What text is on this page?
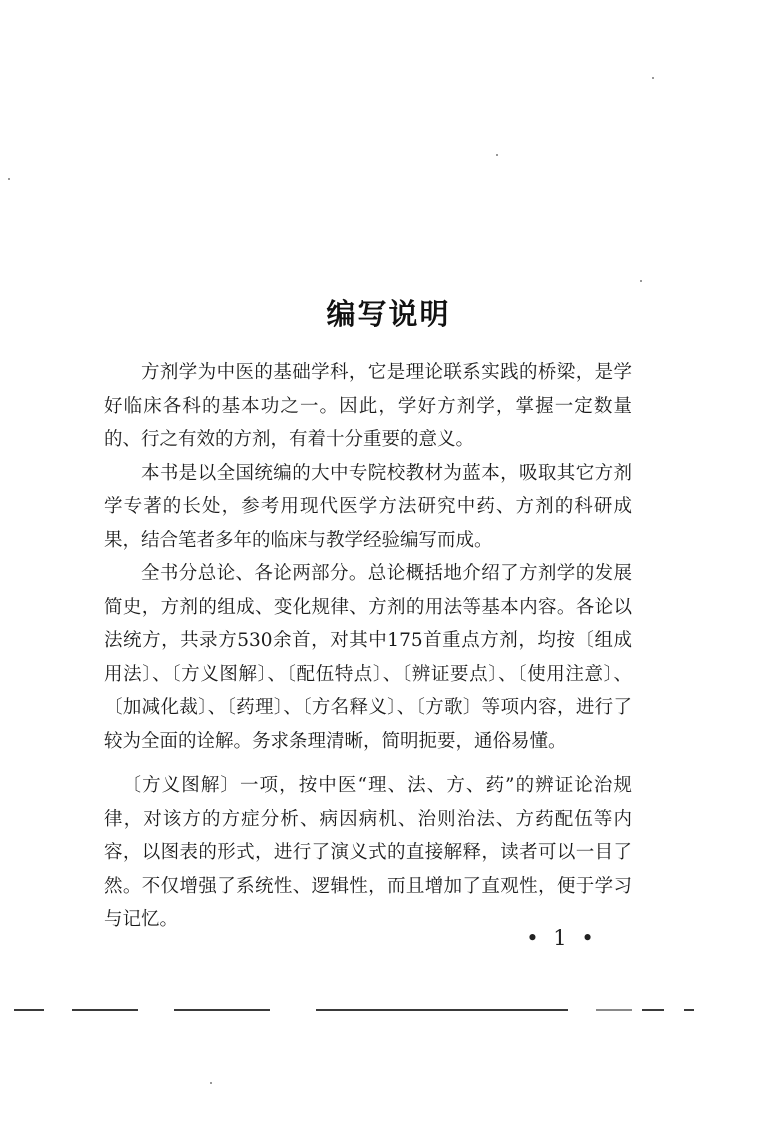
编写说明

方剂学为中医的基础学科，它是理论联系实践的桥梁，是学好临床各科的基本功之一。因此，学好方剂学，掌握一定数量的、行之有效的方剂，有着十分重要的意义。

本书是以全国统编的大中专院校教材为蓝本，吸取其它方剂学专著的长处，参考用现代医学方法研究中药、方剂的科研成果，结合笔者多年的临床与教学经验编写而成。

全书分总论、各论两部分。总论概括地介绍了方剂学的发展简史，方剂的组成、变化规律、方剂的用法等基本内容。各论以法统方，共录方530余首，对其中175首重点方剂，均按〔组成用法〕、〔方义图解〕、〔配伍特点〕、〔辨证要点〕、〔使用注意〕、〔加减化裁〕、〔药理〕、〔方名释义〕、〔方歌〕等项内容，进行了较为全面的诠解。务求条理清晰，简明扼要，通俗易懂。

〔方义图解〕一项，按中医“理、法、方、药”的辨证论治规律，对该方的方症分析、病因病机、治则治法、方药配伍等内容，以图表的形式，进行了演义式的直接解释，读者可以一目了然。不仅增强了系统性、逻辑性，而且增加了直观性，便于学习与记忆。

• 1 •
